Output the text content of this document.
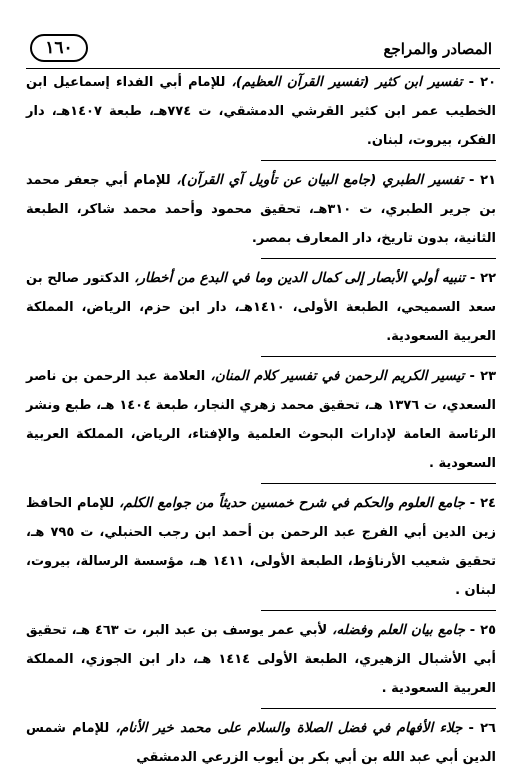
المصادر والمراجع
١٦٠

٢٠ - تفسير ابن كثير (تفسير القرآن العظيم)، للإمام أبي الفداء إسماعيل ابن الخطيب عمر ابن كثير القرشي الدمشقي، ت ٧٧٤هـ، طبعة ١٤٠٧هـ، دار الفكر، بيروت، لبنان.

٢١ - تفسير الطبري (جامع البيان عن تأويل آي القرآن)، للإمام أبي جعفر محمد بن جرير الطبري، ت ٣١٠هـ، تحقيق محمود وأحمد محمد شاكر، الطبعة الثانية، بدون تاريخ، دار المعارف بمصر.

٢٢ - تنبيه أولي الأبصار إلى كمال الدين وما في البدع من أخطار، الدكتور صالح بن سعد السميحي، الطبعة الأولى، ١٤١٠هـ، دار ابن حزم، الرياض، المملكة العربية السعودية.

٢٣ - تيسير الكريم الرحمن في تفسير كلام المنان، العلامة عبد الرحمن بن ناصر السعدي، ت ١٣٧٦ هـ، تحقيق محمد زهري النجار، طبعة ١٤٠٤ هـ، طبع ونشر الرئاسة العامة لإدارات البحوث العلمية والإفتاء، الرياض، المملكة العربية السعودية .

٢٤ - جامع العلوم والحكم في شرح خمسين حديثاً من جوامع الكلم، للإمام الحافظ زين الدين أبي الفرج عبد الرحمن بن أحمد ابن رجب الحنبلي، ت ٧٩٥ هـ، تحقيق شعيب الأرناؤط، الطبعة الأولى، ١٤١١ هـ، مؤسسة الرسالة، بيروت، لبنان .

٢٥ - جامع بيان العلم وفضله، لأبي عمر يوسف بن عبد البر، ت ٤٦٣ هـ، تحقيق أبي الأشبال الزهيري، الطبعة الأولى ١٤١٤ هـ، دار ابن الجوزي، المملكة العربية السعودية .

٢٦ - جلاء الأفهام في فضل الصلاة والسلام على محمد خير الأنام، للإمام شمس الدين أبي عبد الله بن أبي بكر بن أيوب الزرعي الدمشقي
